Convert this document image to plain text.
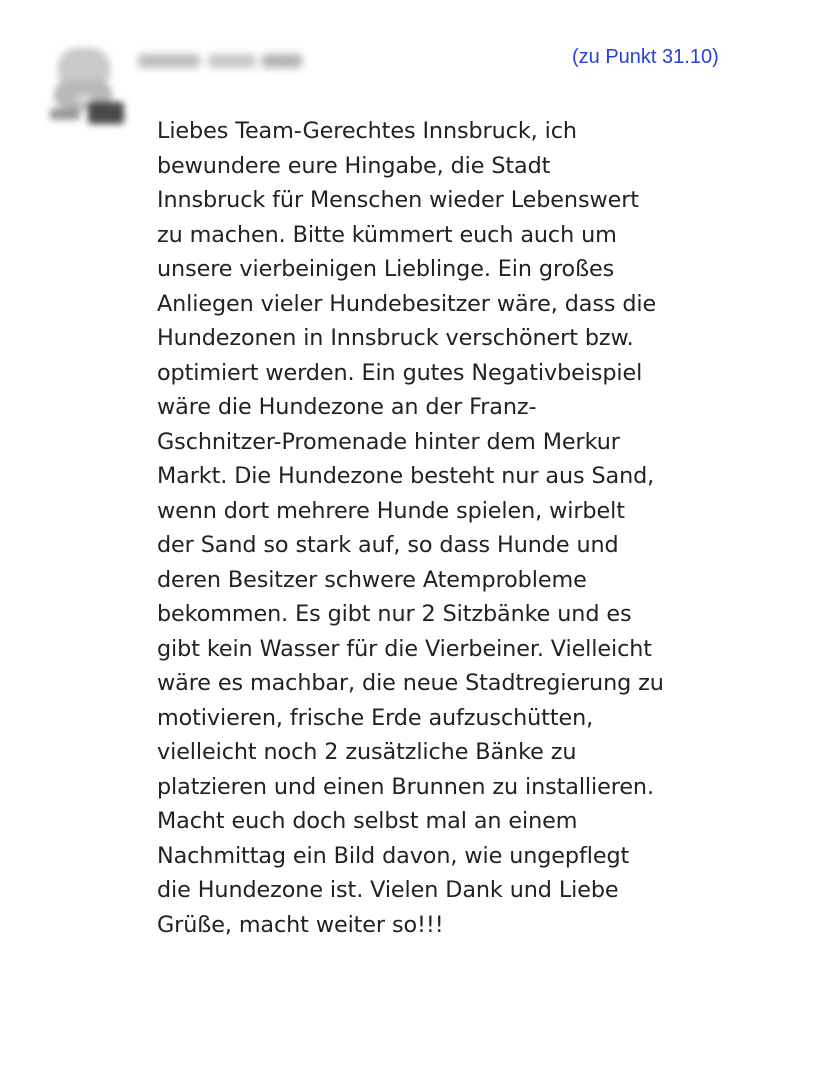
(zu Punkt 31.10)

Liebes Team-Gerechtes Innsbruck, ich
bewundere eure Hingabe, die Stadt
Innsbruck für Menschen wieder Lebenswert
zu machen. Bitte kümmert euch auch um
unsere vierbeinigen Lieblinge. Ein großes
Anliegen vieler Hundebesitzer wäre, dass die
Hundezonen in Innsbruck verschönert bzw.
optimiert werden. Ein gutes Negativbeispiel
wäre die Hundezone an der Franz-
Gschnitzer-Promenade hinter dem Merkur
Markt. Die Hundezone besteht nur aus Sand,
wenn dort mehrere Hunde spielen, wirbelt
der Sand so stark auf, so dass Hunde und
deren Besitzer schwere Atemprobleme
bekommen. Es gibt nur 2 Sitzbänke und es
gibt kein Wasser für die Vierbeiner. Vielleicht
wäre es machbar, die neue Stadtregierung zu
motivieren, frische Erde aufzuschütten,
vielleicht noch 2 zusätzliche Bänke zu
platzieren und einen Brunnen zu installieren.
Macht euch doch selbst mal an einem
Nachmittag ein Bild davon, wie ungepflegt
die Hundezone ist. Vielen Dank und Liebe
Grüße, macht weiter so!!!
